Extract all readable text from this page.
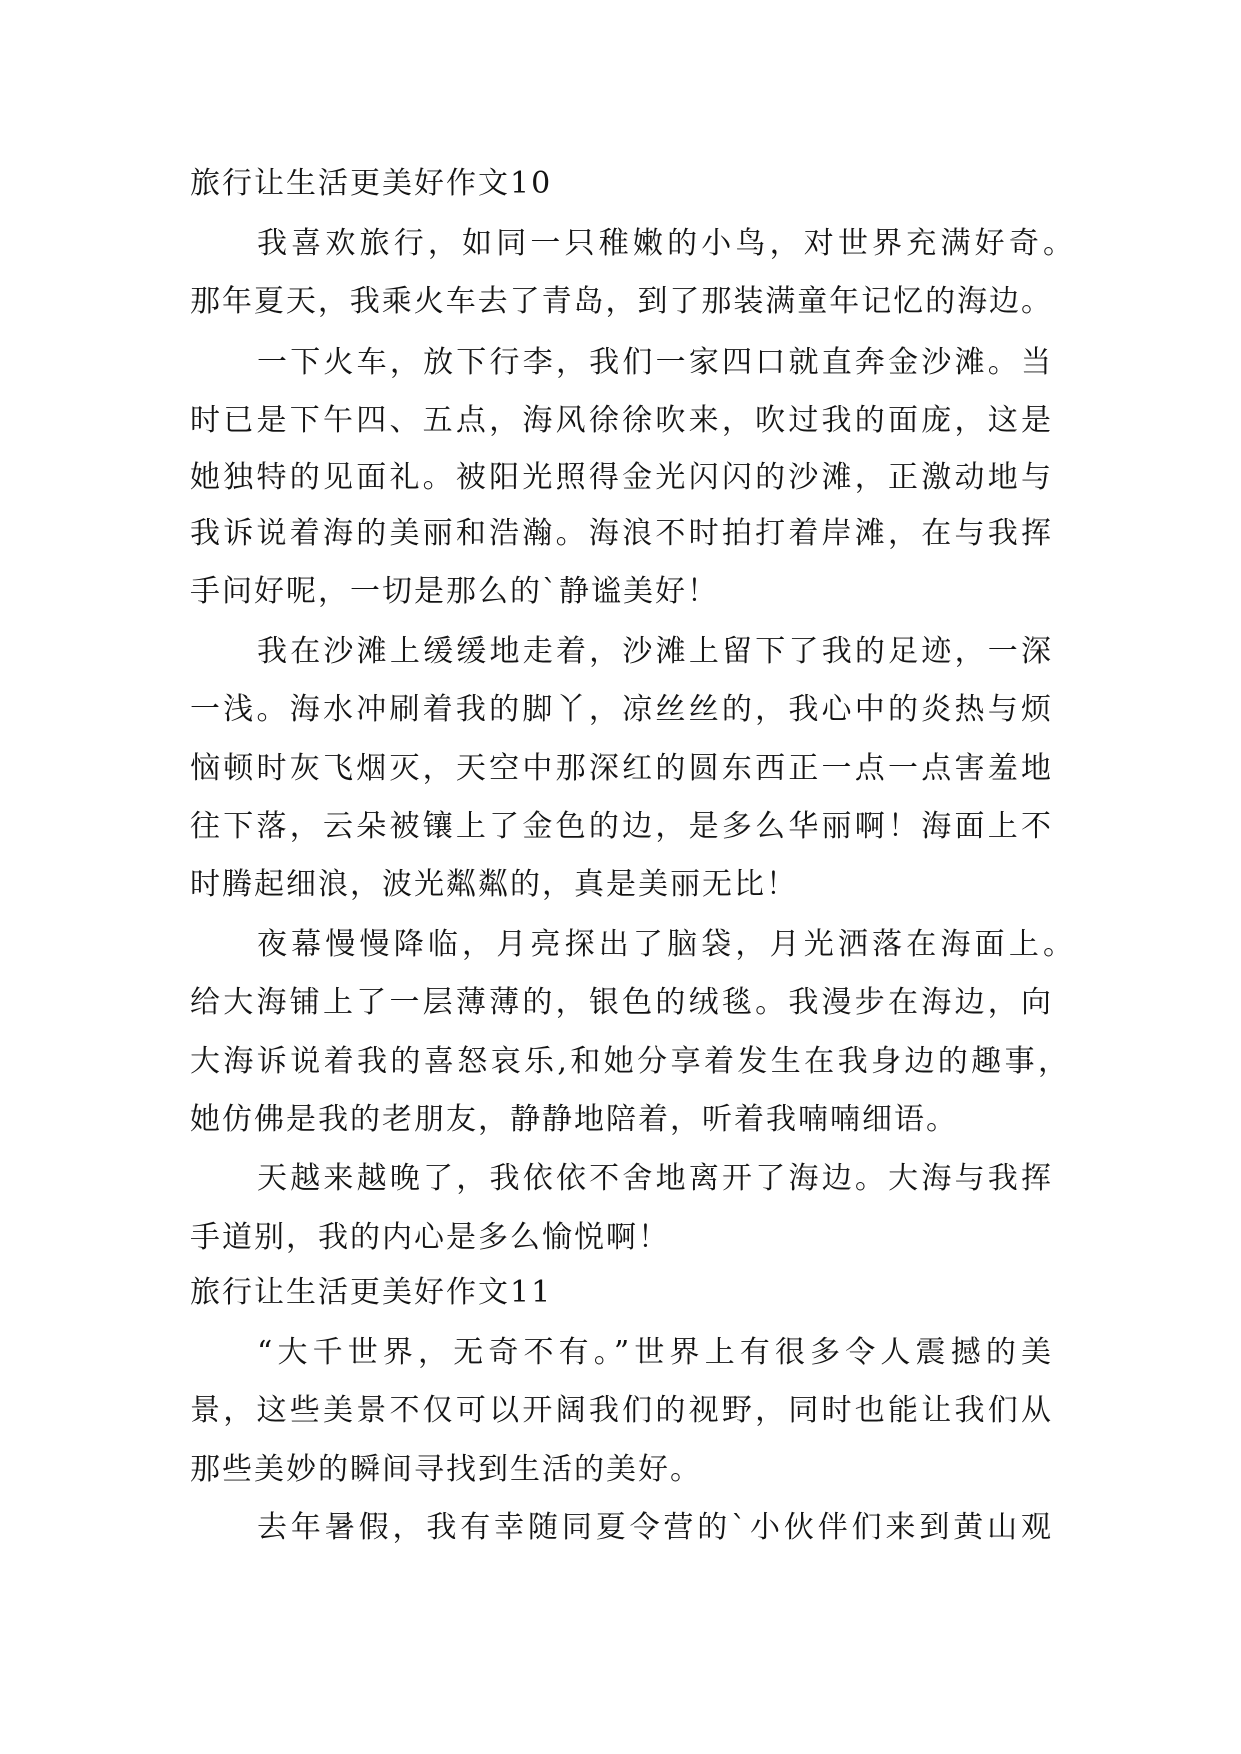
旅行让生活更美好作文10
我喜欢旅行，如同一只稚嫩的小鸟，对世界充满好奇。
那年夏天，我乘火车去了青岛，到了那装满童年记忆的海边。
一下火车，放下行李，我们一家四口就直奔金沙滩。当
时已是下午四、五点，海风徐徐吹来，吹过我的面庞，这是
她独特的见面礼。被阳光照得金光闪闪的沙滩，正激动地与
我诉说着海的美丽和浩瀚。海浪不时拍打着岸滩，在与我挥
手问好呢，一切是那么的`静谧美好！
我在沙滩上缓缓地走着，沙滩上留下了我的足迹，一深
一浅。海水冲刷着我的脚丫，凉丝丝的，我心中的炎热与烦
恼顿时灰飞烟灭，天空中那深红的圆东西正一点一点害羞地
往下落，云朵被镶上了金色的边，是多么华丽啊！海面上不
时腾起细浪，波光粼粼的，真是美丽无比！
夜幕慢慢降临，月亮探出了脑袋，月光洒落在海面上。
给大海铺上了一层薄薄的，银色的绒毯。我漫步在海边，向
大海诉说着我的喜怒哀乐,和她分享着发生在我身边的趣事，
她仿佛是我的老朋友，静静地陪着，听着我喃喃细语。
天越来越晚了，我依依不舍地离开了海边。大海与我挥
手道别，我的内心是多么愉悦啊！
旅行让生活更美好作文11
“大千世界，无奇不有。”世界上有很多令人震撼的美
景，这些美景不仅可以开阔我们的视野，同时也能让我们从
那些美妙的瞬间寻找到生活的美好。
去年暑假，我有幸随同夏令营的`小伙伴们来到黄山观
